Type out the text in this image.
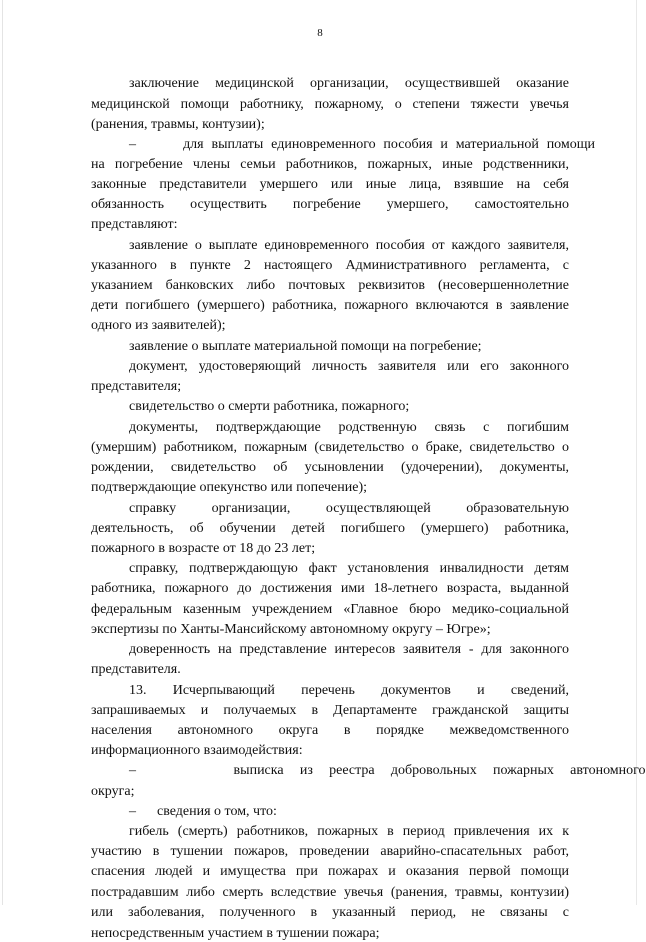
8
заключение медицинской организации, осуществившей оказание
медицинской помощи работнику, пожарному, о степени тяжести увечья
(ранения, травмы, контузии);
–      для выплаты единовременного пособия и материальной помощи
на погребение члены семьи работников, пожарных, иные родственники,
законные представители умершего или иные лица, взявшие на себя
обязанность осуществить погребение умершего, самостоятельно
представляют:
заявление о выплате единовременного пособия от каждого заявителя,
указанного в пункте 2 настоящего Административного регламента, с
указанием банковских либо почтовых реквизитов (несовершеннолетние
дети погибшего (умершего) работника, пожарного включаются в заявление
одного из заявителей);
заявление о выплате материальной помощи на погребение;
документ, удостоверяющий личность заявителя или его законного
представителя;
свидетельство о смерти работника, пожарного;
документы, подтверждающие родственную связь с погибшим
(умершим) работником, пожарным (свидетельство о браке, свидетельство о
рождении, свидетельство об усыновлении (удочерении), документы,
подтверждающие опекунство или попечение);
справку организации, осуществляющей образовательную
деятельность, об обучении детей погибшего (умершего) работника,
пожарного в возрасте от 18 до 23 лет;
справку, подтверждающую факт установления инвалидности детям
работника, пожарного до достижения ими 18-летнего возраста, выданной
федеральным казенным учреждением «Главное бюро медико-социальной
экспертизы по Ханты-Мансийскому автономному округу – Югре»;
доверенность на представление интересов заявителя - для законного
представителя.
13. Исчерпывающий перечень документов и сведений,
запрашиваемых и получаемых в Департаменте гражданской защиты
населения автономного округа в порядке межведомственного
информационного взаимодействия:
–      выписка из реестра добровольных пожарных автономного
округа;
–      сведения о том, что:
гибель (смерть) работников, пожарных в период привлечения их к
участию в тушении пожаров, проведении аварийно-спасательных работ,
спасения людей и имущества при пожарах и оказания первой помощи
пострадавшим либо смерть вследствие увечья (ранения, травмы, контузии)
или заболевания, полученного в указанный период, не связаны с
непосредственным участием в тушении пожара;
